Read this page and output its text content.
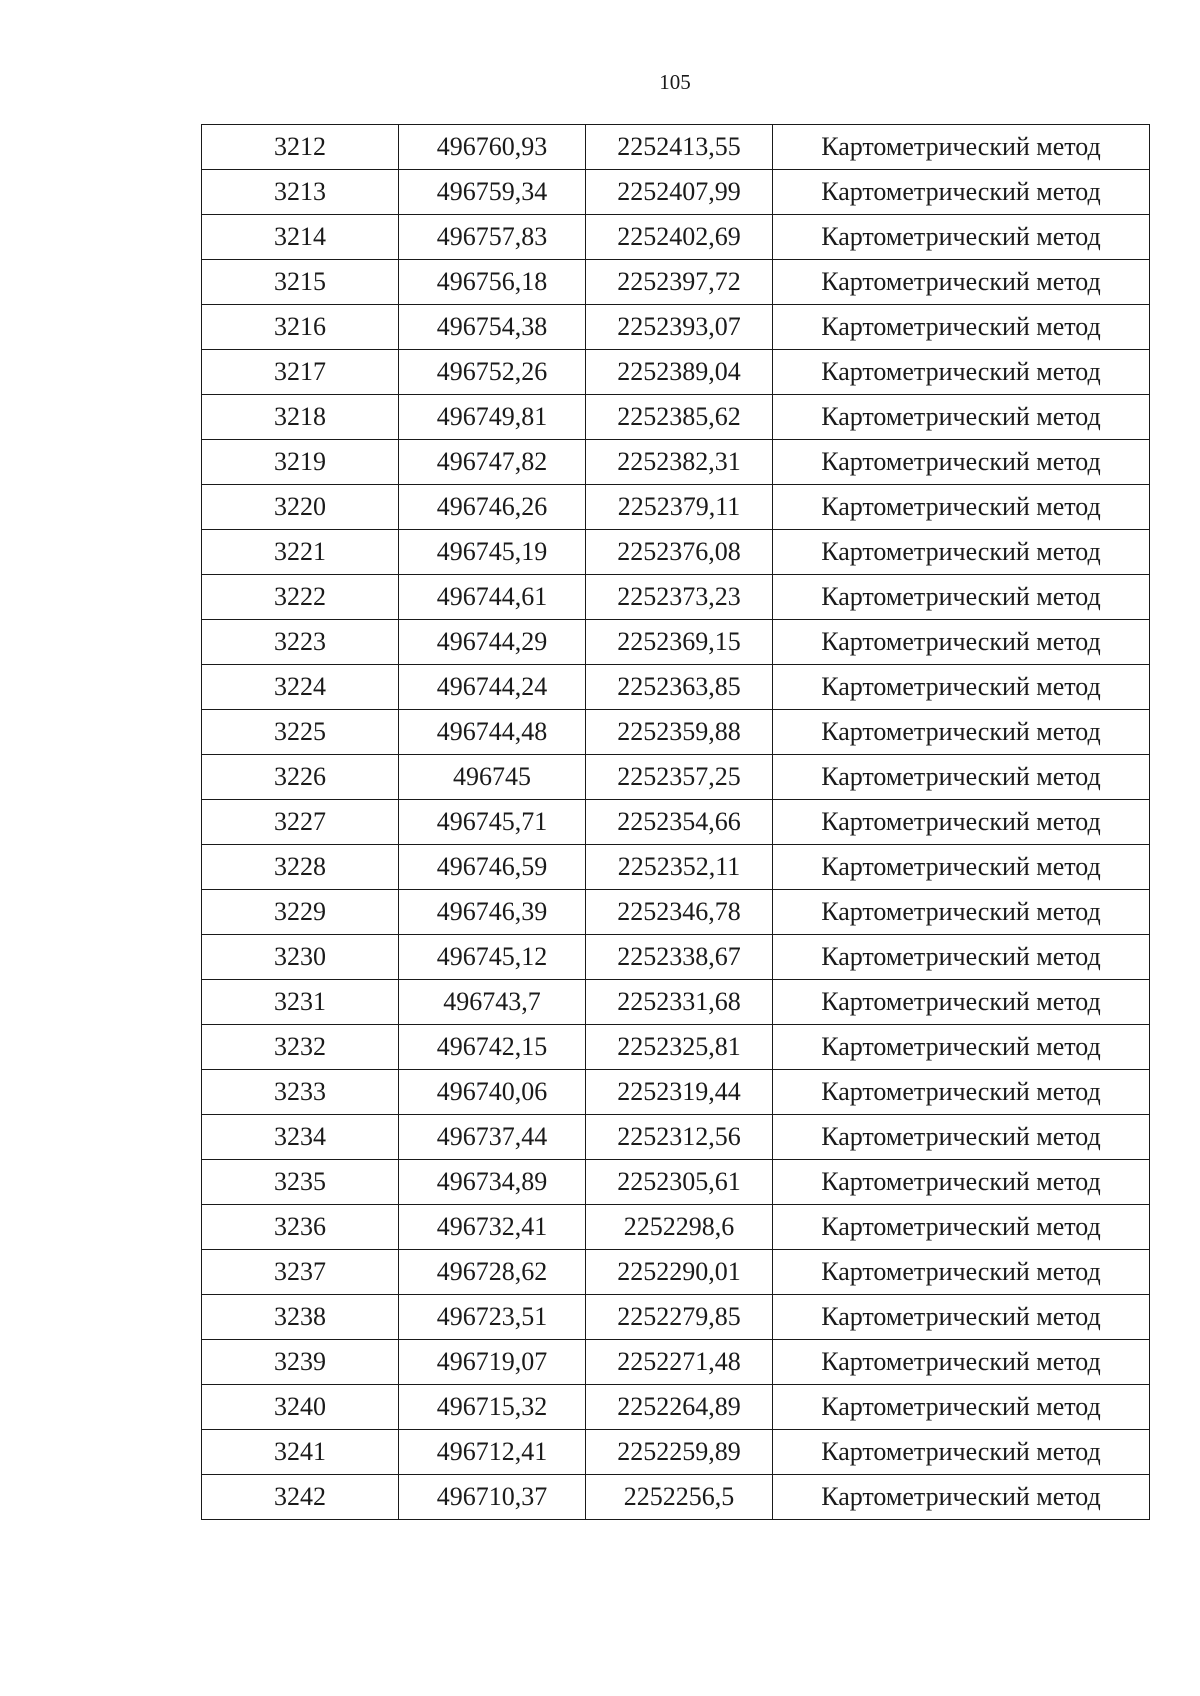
105
3212	496760,93	2252413,55	Картометрический метод
3213	496759,34	2252407,99	Картометрический метод
3214	496757,83	2252402,69	Картометрический метод
3215	496756,18	2252397,72	Картометрический метод
3216	496754,38	2252393,07	Картометрический метод
3217	496752,26	2252389,04	Картометрический метод
3218	496749,81	2252385,62	Картометрический метод
3219	496747,82	2252382,31	Картометрический метод
3220	496746,26	2252379,11	Картометрический метод
3221	496745,19	2252376,08	Картометрический метод
3222	496744,61	2252373,23	Картометрический метод
3223	496744,29	2252369,15	Картометрический метод
3224	496744,24	2252363,85	Картометрический метод
3225	496744,48	2252359,88	Картометрический метод
3226	496745	2252357,25	Картометрический метод
3227	496745,71	2252354,66	Картометрический метод
3228	496746,59	2252352,11	Картометрический метод
3229	496746,39	2252346,78	Картометрический метод
3230	496745,12	2252338,67	Картометрический метод
3231	496743,7	2252331,68	Картометрический метод
3232	496742,15	2252325,81	Картометрический метод
3233	496740,06	2252319,44	Картометрический метод
3234	496737,44	2252312,56	Картометрический метод
3235	496734,89	2252305,61	Картометрический метод
3236	496732,41	2252298,6	Картометрический метод
3237	496728,62	2252290,01	Картометрический метод
3238	496723,51	2252279,85	Картометрический метод
3239	496719,07	2252271,48	Картометрический метод
3240	496715,32	2252264,89	Картометрический метод
3241	496712,41	2252259,89	Картометрический метод
3242	496710,37	2252256,5	Картометрический метод
